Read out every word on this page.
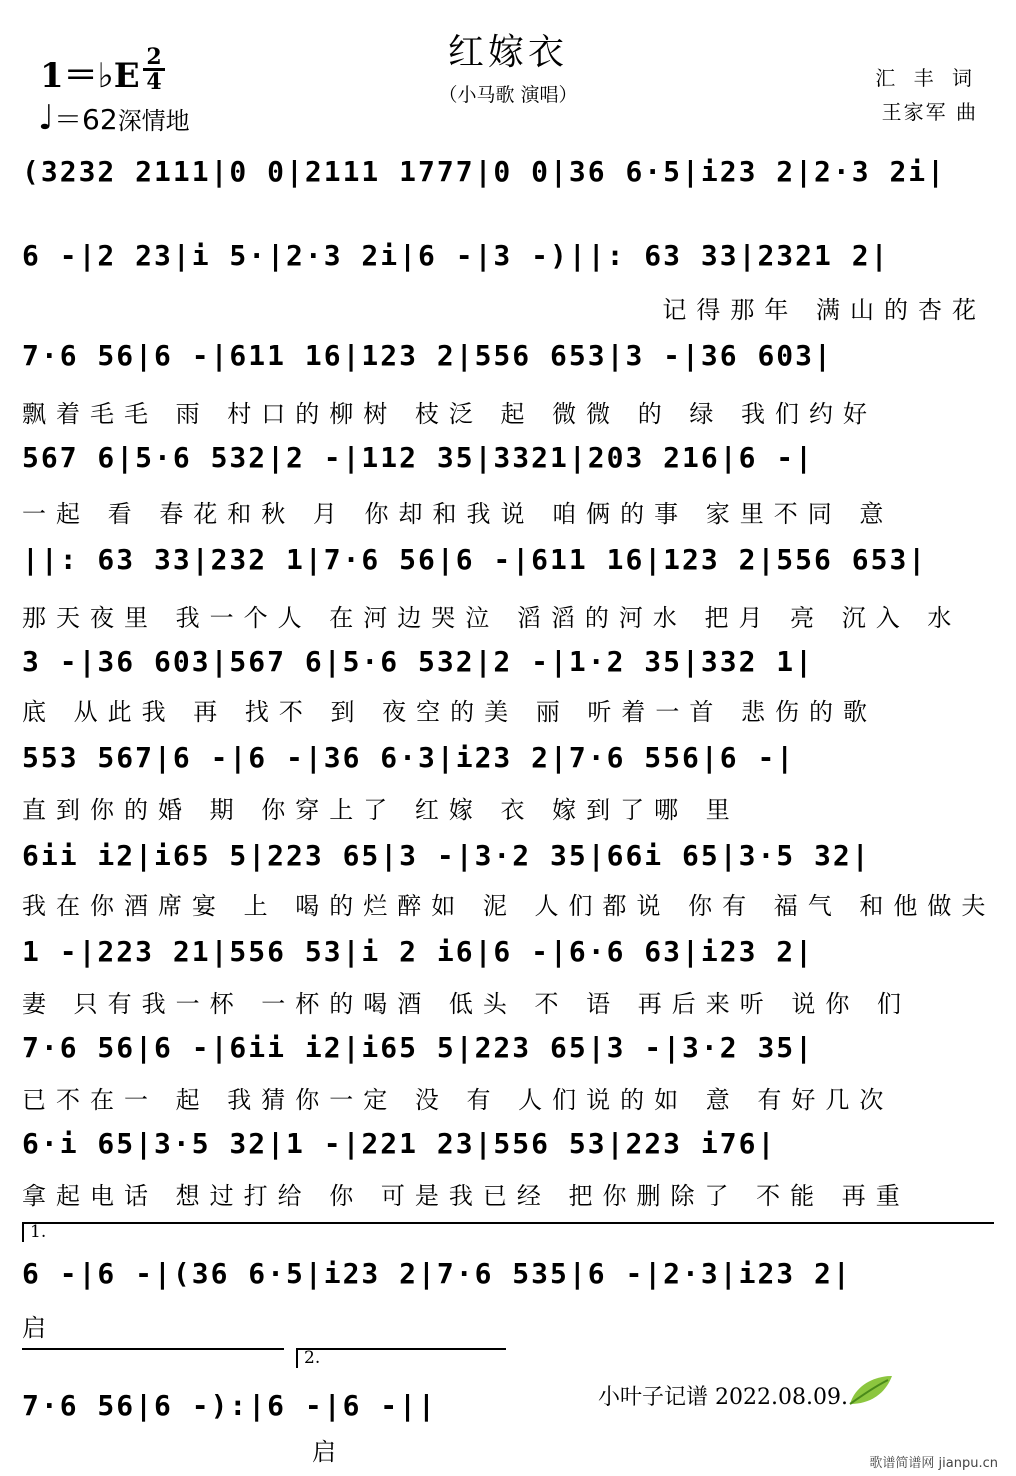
红嫁衣
（小马歌 演唱）
1＝♭E 2
4
♩＝62深情地
汇 丰 词
王家军 曲
(3232 2111|0 0|2111 1777|0 0|36 6·5|i23 2|2·3 2i|
6 -|2 23|i 5·|2·3 2i|6 -|3 -)||: 63 33|2321 2|
记得那年 满山的杏花
7·6 56|6 -|611 16|123 2|556 653|3 -|36 603|
飘着毛毛 雨 村口的柳树 枝泛 起 微微 的 绿 我们约好
567 6|5·6 532|2 -|112 35|3321|203 216|6 -|
一起 看 春花和秋 月 你却和我说 咱俩的事 家里不同 意
||: 63 33|232 1|7·6 56|6 -|611 16|123 2|556 653|
那天夜里 我一个人 在河边哭泣 滔滔的河水 把月 亮 沉入 水
3 -|36 603|567 6|5·6 532|2 -|1·2 35|332 1|
底 从此我 再 找不 到 夜空的美 丽 听着一首 悲伤的歌
553 567|6 -|6 -|36 6·3|i23 2|7·6 556|6 -|
直到你的婚 期 你穿上了 红嫁 衣 嫁到了哪 里
6ii i2|i65 5|223 65|3 -|3·2 35|66i 65|3·5 32|
我在你酒席宴 上 喝的烂醉如 泥 人们都说 你有 福气 和他做夫
1 -|223 21|556 53|i 2 i6|6 -|6·6 63|i23 2|
妻 只有我一杯 一杯的喝酒 低头 不 语 再后来听 说你 们
7·6 56|6 -|6ii i2|i65 5|223 65|3 -|3·2 35|
已不在一 起 我猜你一定 没 有 人们说的如 意 有好几次
6·i 65|3·5 32|1 -|221 23|556 53|223 i76|
拿起电话 想过打给 你 可是我已经 把你删除了 不能 再重
1.
6 -|6 -|(36 6·5|i23 2|7·6 535|6 -|2·3|i23 2|
启
2.
7·6 56|6 -):|6 -|6 -||
启
小叶子记谱 2022.08.09.
歌谱简谱网 jianpu.cn
